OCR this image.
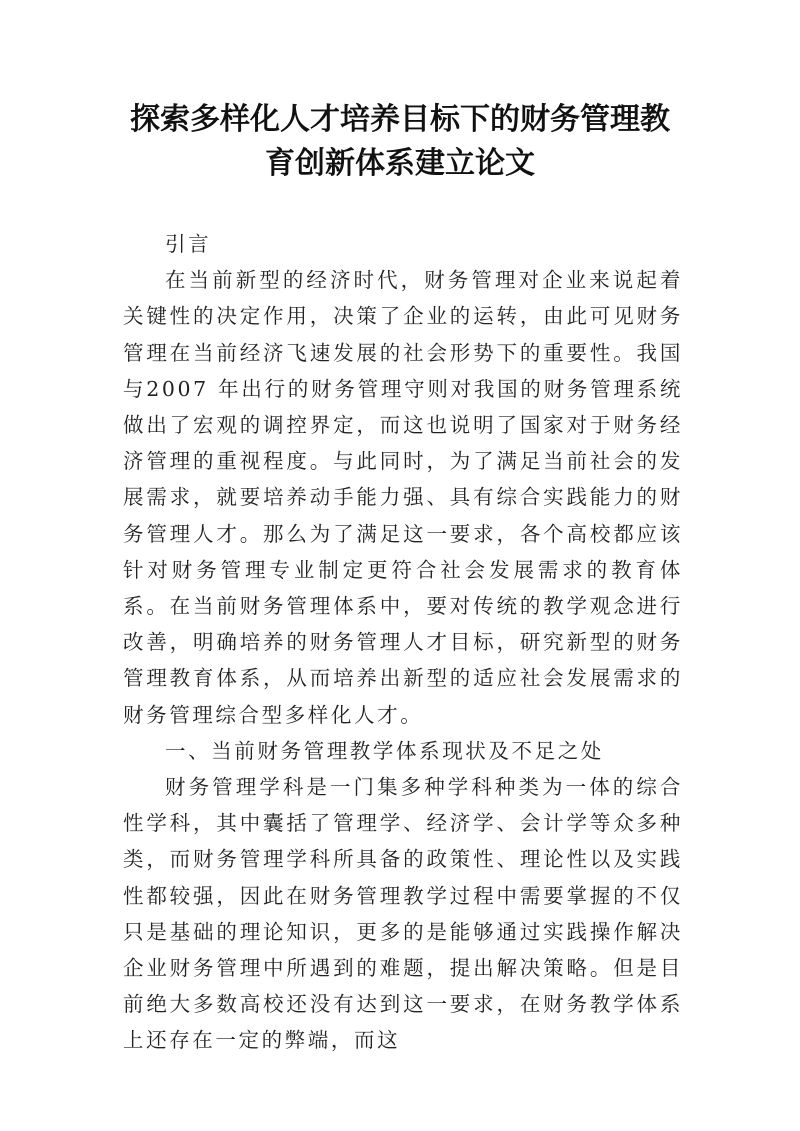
探索多样化人才培养目标下的财务管理教
育创新体系建立论文

引言

在当前新型的经济时代，财务管理对企业来说起着关键性的决定作用，决策了企业的运转，由此可见财务管理在当前经济飞速发展的社会形势下的重要性。我国与2007 年出行的财务管理守则对我国的财务管理系统做出了宏观的调控界定，而这也说明了国家对于财务经济管理的重视程度。与此同时，为了满足当前社会的发展需求，就要培养动手能力强、具有综合实践能力的财务管理人才。那么为了满足这一要求，各个高校都应该针对财务管理专业制定更符合社会发展需求的教育体系。在当前财务管理体系中，要对传统的教学观念进行改善，明确培养的财务管理人才目标，研究新型的财务管理教育体系，从而培养出新型的适应社会发展需求的财务管理综合型多样化人才。

一、当前财务管理教学体系现状及不足之处

财务管理学科是一门集多种学科种类为一体的综合性学科，其中囊括了管理学、经济学、会计学等众多种类，而财务管理学科所具备的政策性、理论性以及实践性都较强，因此在财务管理教学过程中需要掌握的不仅只是基础的理论知识，更多的是能够通过实践操作解决企业财务管理中所遇到的难题，提出解决策略。但是目前绝大多数高校还没有达到这一要求，在财务教学体系上还存在一定的弊端，而这
